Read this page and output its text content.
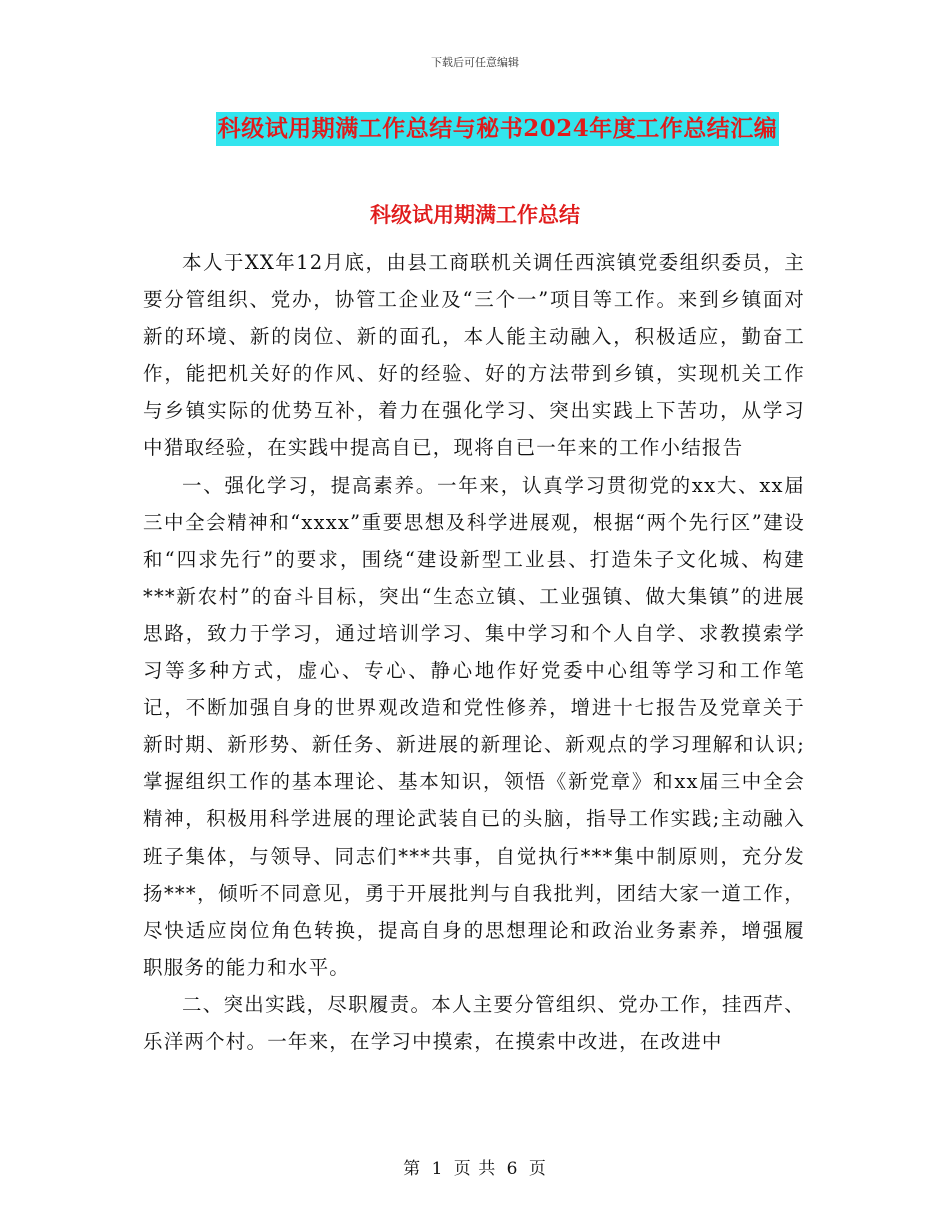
下载后可任意编辑
科级试用期满工作总结与秘书2024年度工作总结汇编
科级试用期满工作总结

本人于XX年12月底，由县工商联机关调任西滨镇党委组织委员，主要分管组织、党办，协管工企业及“三个一”项目等工作。来到乡镇面对新的环境、新的岗位、新的面孔，本人能主动融入，积极适应，勤奋工作，能把机关好的作风、好的经验、好的方法带到乡镇，实现机关工作与乡镇实际的优势互补，着力在强化学习、突出实践上下苦功，从学习中猎取经验，在实践中提高自已，现将自已一年来的工作小结报告

一、强化学习，提高素养。一年来，认真学习贯彻党的xx大、xx届三中全会精神和“xxxx”重要思想及科学进展观，根据“两个先行区”建设和“四求先行”的要求，围绕“建设新型工业县、打造朱子文化城、构建***新农村”的奋斗目标，突出“生态立镇、工业强镇、做大集镇”的进展思路，致力于学习，通过培训学习、集中学习和个人自学、求教摸索学习等多种方式，虚心、专心、静心地作好党委中心组等学习和工作笔记，不断加强自身的世界观改造和党性修养，增进十七报告及党章关于新时期、新形势、新任务、新进展的新理论、新观点的学习理解和认识;掌握组织工作的基本理论、基本知识，领悟《新党章》和xx届三中全会精神，积极用科学进展的理论武装自已的头脑，指导工作实践;主动融入班子集体，与领导、同志们***共事，自觉执行***集中制原则，充分发扬***，倾听不同意见，勇于开展批判与自我批判，团结大家一道工作，尽快适应岗位角色转换，提高自身的思想理论和政治业务素养，增强履职服务的能力和水平。

二、突出实践，尽职履责。本人主要分管组织、党办工作，挂西芹、乐洋两个村。一年来，在学习中摸索，在摸索中改进，在改进中

第 1 页 共 6 页
